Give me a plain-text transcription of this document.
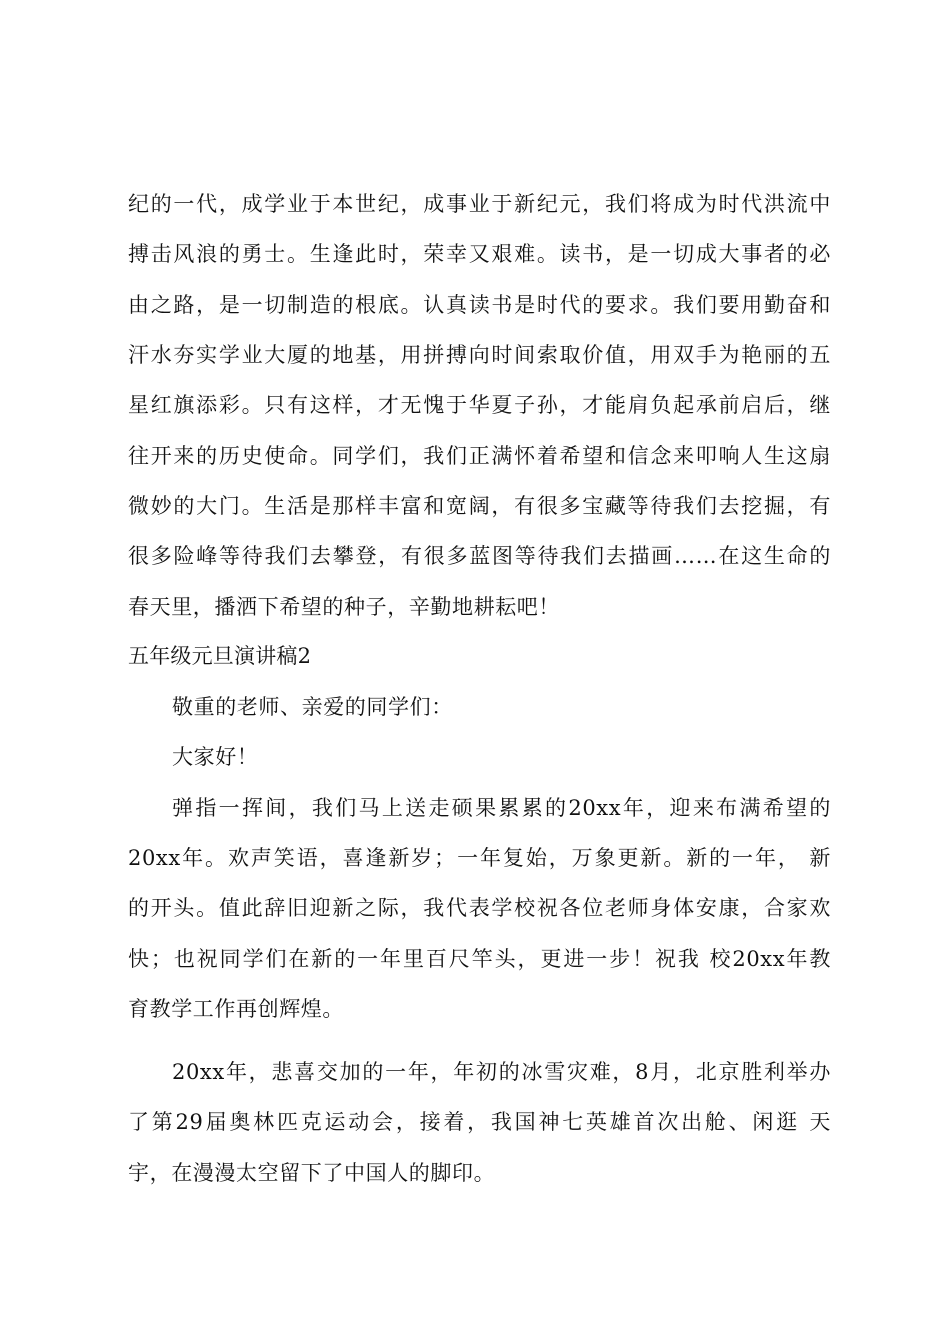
纪的一代，成学业于本世纪，成事业于新纪元，我们将成为时代洪流中
搏击风浪的勇士。生逢此时，荣幸又艰难。读书，是一切成大事者的必
由之路，是一切制造的根底。认真读书是时代的要求。我们要用勤奋和
汗水夯实学业大厦的地基，用拼搏向时间索取价值，用双手为艳丽的五
星红旗添彩。只有这样，才无愧于华夏子孙，才能肩负起承前启后，继
往开来的历史使命。同学们，我们正满怀着希望和信念来叩响人生这扇
微妙的大门。生活是那样丰富和宽阔，有很多宝藏等待我们去挖掘，有
很多险峰等待我们去攀登，有很多蓝图等待我们去描画……在这生命的
春天里，播洒下希望的种子，辛勤地耕耘吧！
五年级元旦演讲稿2
敬重的老师、亲爱的同学们：
大家好！
弹指一挥间，我们马上送走硕果累累的20xx年，迎来布满希望的
20xx年。欢声笑语，喜逢新岁；一年复始，万象更新。新的一年， 新
的开头。值此辞旧迎新之际，我代表学校祝各位老师身体安康，合家欢
快；也祝同学们在新的一年里百尺竿头，更进一步！祝我 校20xx年教
育教学工作再创辉煌。
20xx年，悲喜交加的一年，年初的冰雪灾难，8月，北京胜利举办
了第29届奥林匹克运动会，接着，我国神七英雄首次出舱、闲逛 天
宇，在漫漫太空留下了中国人的脚印。
